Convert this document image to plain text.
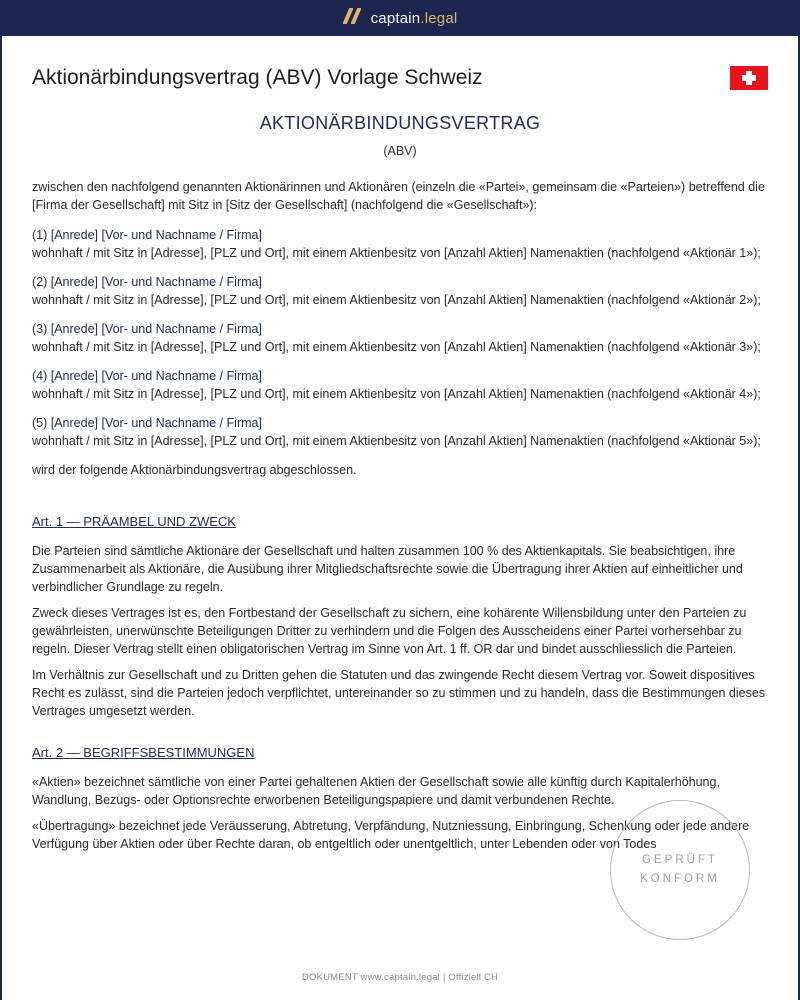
captain.legal
Aktionärbindungsvertrag (ABV) Vorlage Schweiz
AKTIONÄRBINDUNGSVERTRAG
(ABV)

zwischen den nachfolgend genannten Aktionärinnen und Aktionären (einzeln die «Partei», gemeinsam die «Parteien») betreffend die [Firma der Gesellschaft] mit Sitz in [Sitz der Gesellschaft] (nachfolgend die «Gesellschaft»):

(1) [Anrede] [Vor- und Nachname / Firma]
wohnhaft / mit Sitz in [Adresse], [PLZ und Ort], mit einem Aktienbesitz von [Anzahl Aktien] Namenaktien (nachfolgend «Aktionär 1»);
(2) [Anrede] [Vor- und Nachname / Firma]
wohnhaft / mit Sitz in [Adresse], [PLZ und Ort], mit einem Aktienbesitz von [Anzahl Aktien] Namenaktien (nachfolgend «Aktionär 2»);
(3) [Anrede] [Vor- und Nachname / Firma]
wohnhaft / mit Sitz in [Adresse], [PLZ und Ort], mit einem Aktienbesitz von [Anzahl Aktien] Namenaktien (nachfolgend «Aktionär 3»);
(4) [Anrede] [Vor- und Nachname / Firma]
wohnhaft / mit Sitz in [Adresse], [PLZ und Ort], mit einem Aktienbesitz von [Anzahl Aktien] Namenaktien (nachfolgend «Aktionär 4»);
(5) [Anrede] [Vor- und Nachname / Firma]
wohnhaft / mit Sitz in [Adresse], [PLZ und Ort], mit einem Aktienbesitz von [Anzahl Aktien] Namenaktien (nachfolgend «Aktionär 5»);

wird der folgende Aktionärbindungsvertrag abgeschlossen.

Art. 1 — PRÄAMBEL UND ZWECK

Die Parteien sind sämtliche Aktionäre der Gesellschaft und halten zusammen 100 % des Aktienkapitals. Sie beabsichtigen, ihre Zusammenarbeit als Aktionäre, die Ausübung ihrer Mitgliedschaftsrechte sowie die Übertragung ihrer Aktien auf einheitlicher und verbindlicher Grundlage zu regeln.

Zweck dieses Vertrages ist es, den Fortbestand der Gesellschaft zu sichern, eine kohärente Willensbildung unter den Parteien zu gewährleisten, unerwünschte Beteiligungen Dritter zu verhindern und die Folgen des Ausscheidens einer Partei vorhersehbar zu regeln. Dieser Vertrag stellt einen obligatorischen Vertrag im Sinne von Art. 1 ff. OR dar und bindet ausschliesslich die Parteien.

Im Verhältnis zur Gesellschaft und zu Dritten gehen die Statuten und das zwingende Recht diesem Vertrag vor. Soweit dispositives Recht es zulässt, sind die Parteien jedoch verpflichtet, untereinander so zu stimmen und zu handeln, dass die Bestimmungen dieses Vertrages umgesetzt werden.

Art. 2 — BEGRIFFSBESTIMMUNGEN

«Aktien» bezeichnet sämtliche von einer Partei gehaltenen Aktien der Gesellschaft sowie alle künftig durch Kapitalerhöhung, Wandlung, Bezugs- oder Optionsrechte erworbenen Beteiligungspapiere und damit verbundenen Rechte.

«Übertragung» bezeichnet jede Veräusserung, Abtretung, Verpfändung, Nutzniessung, Einbringung, Schenkung oder jede andere Verfügung über Aktien oder über Rechte daran, ob entgeltlich oder unentgeltlich, unter Lebenden oder von Todes

GEPRÜFT
KONFORM
DOKUMENT www.captain.legal | Offiziell CH
